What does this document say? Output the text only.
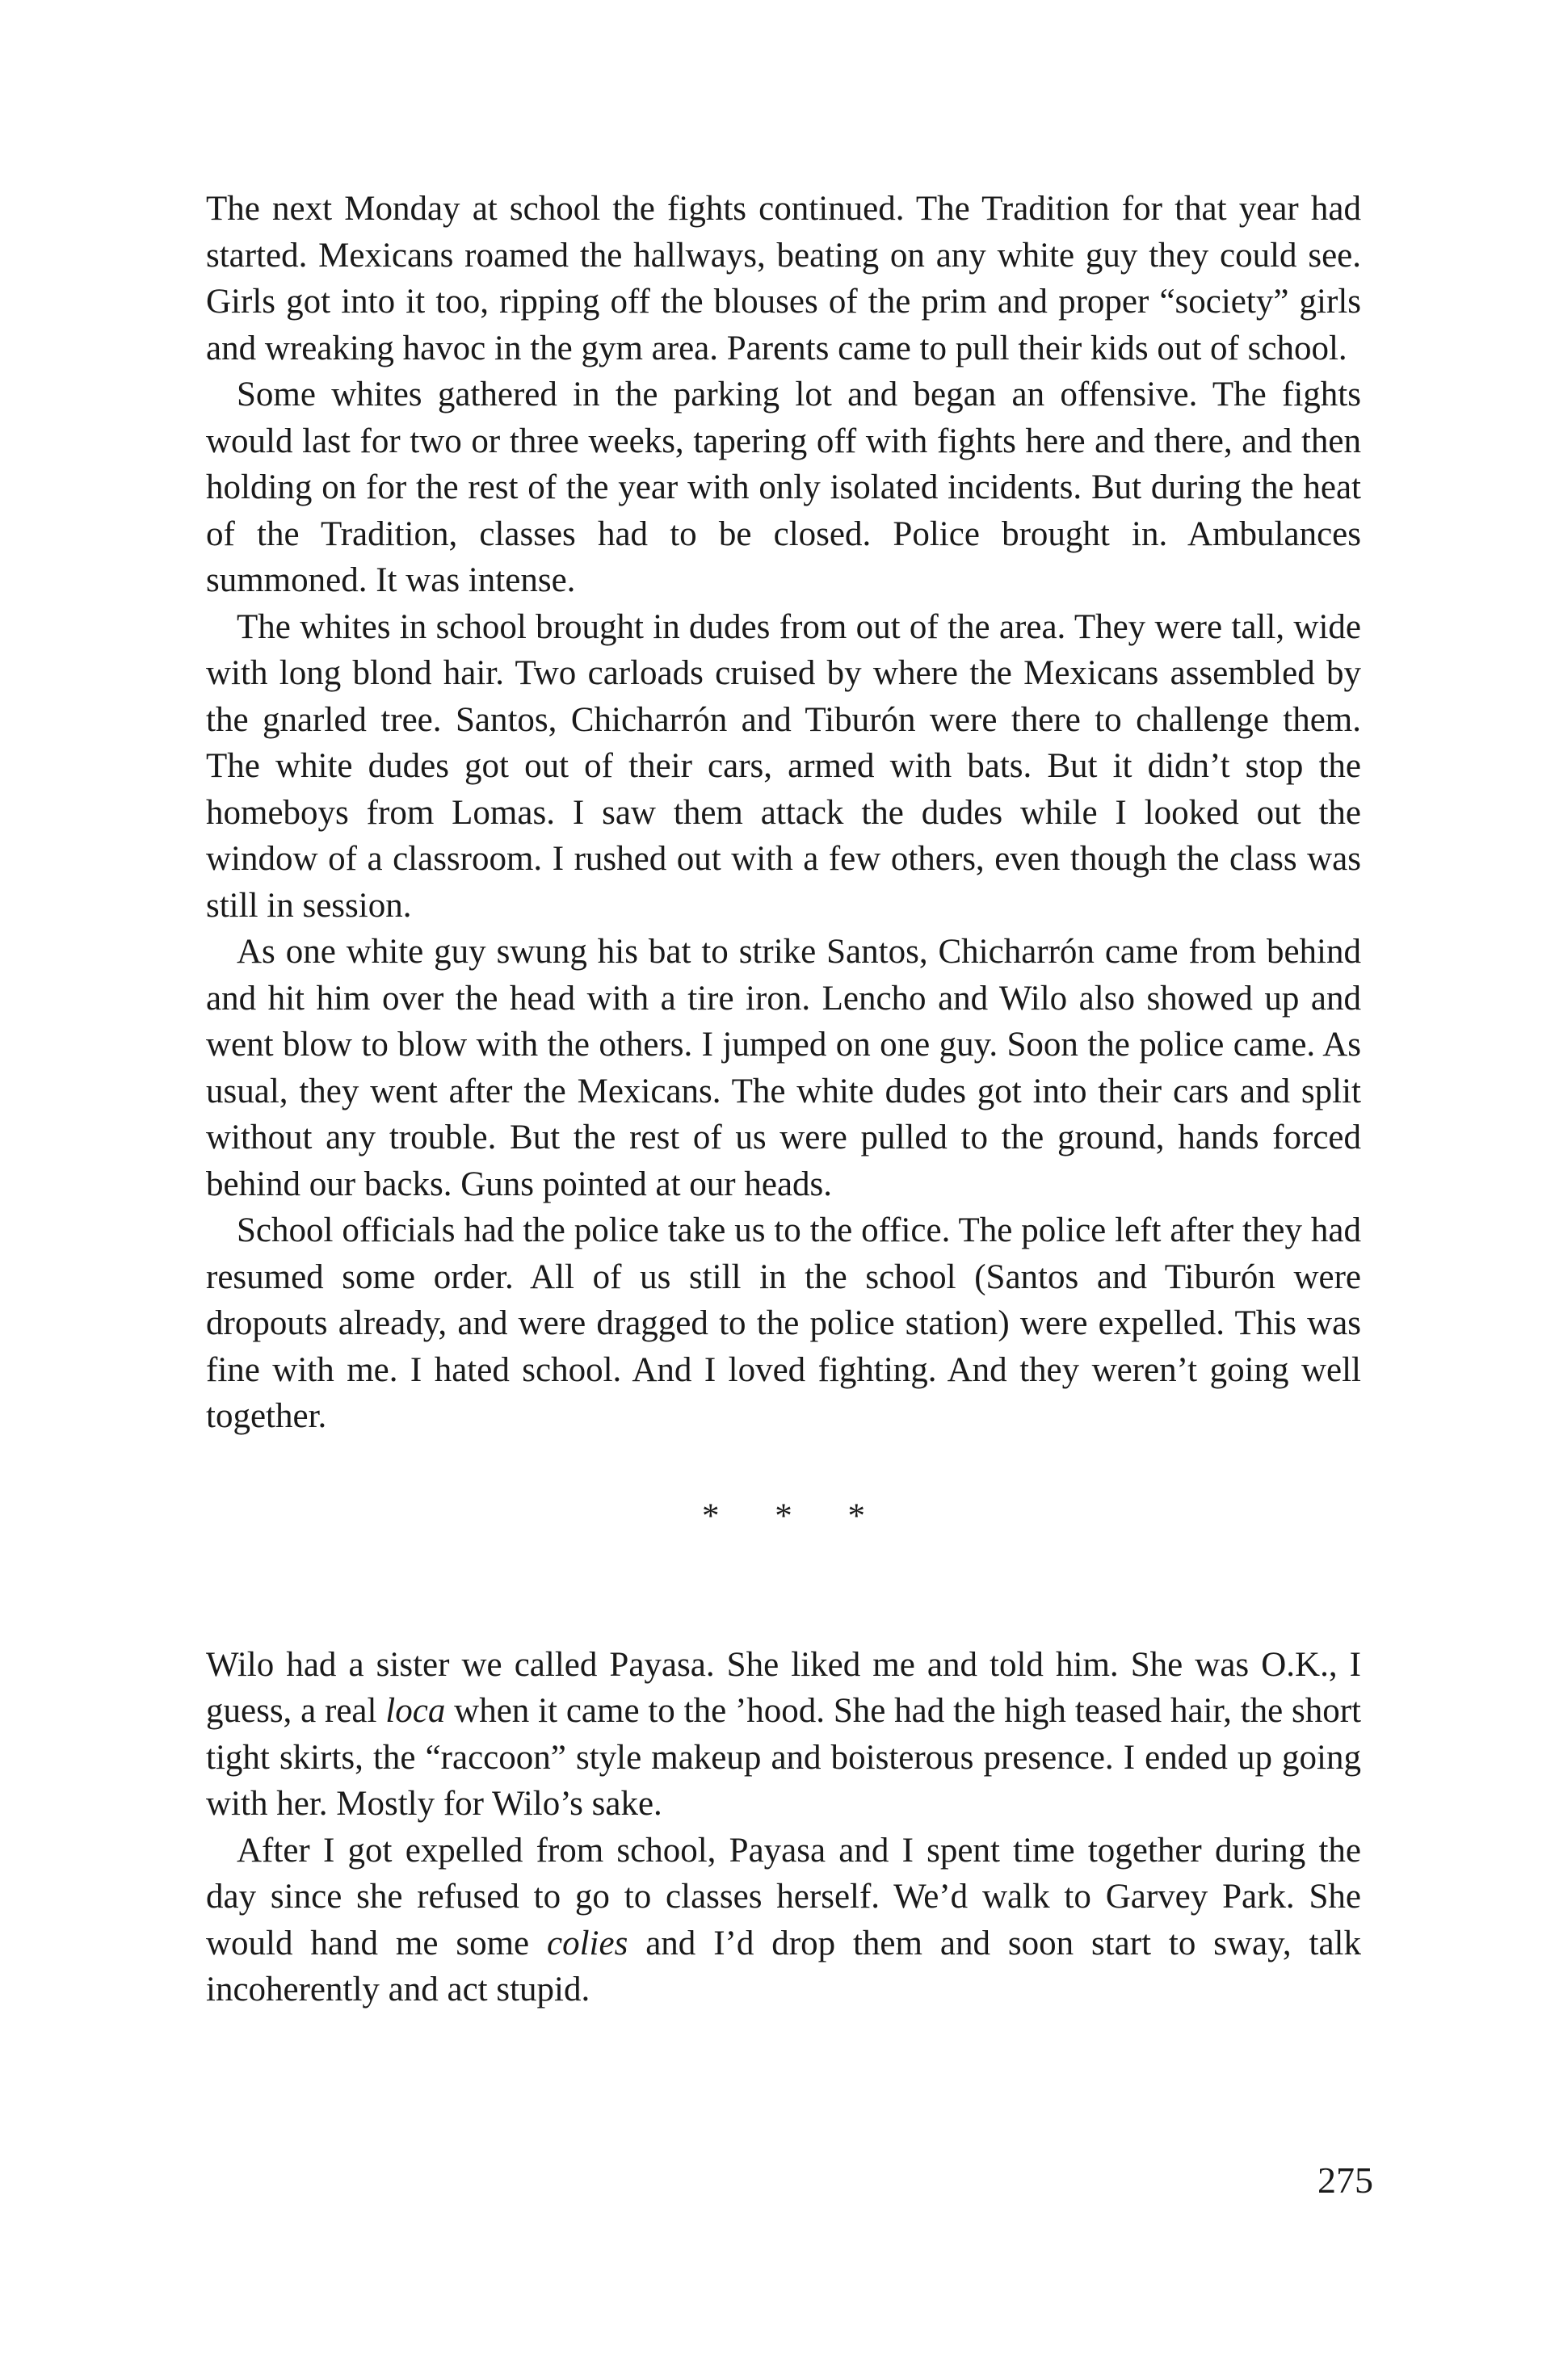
The next Monday at school the fights continued. The Tradition for that year had started. Mexicans roamed the hallways, beating on any white guy they could see. Girls got into it too, ripping off the blouses of the prim and proper “society” girls and wreaking havoc in the gym area. Parents came to pull their kids out of school.

Some whites gathered in the parking lot and began an offensive. The fights would last for two or three weeks, tapering off with fights here and there, and then holding on for the rest of the year with only isolated incidents. But during the heat of the Tradition, classes had to be closed. Police brought in. Ambulances summoned. It was intense.

The whites in school brought in dudes from out of the area. They were tall, wide with long blond hair. Two carloads cruised by where the Mexicans assembled by the gnarled tree. Santos, Chicharrón and Tiburón were there to challenge them. The white dudes got out of their cars, armed with bats. But it didn’t stop the homeboys from Lomas. I saw them attack the dudes while I looked out the window of a classroom. I rushed out with a few others, even though the class was still in session.

As one white guy swung his bat to strike Santos, Chicharrón came from behind and hit him over the head with a tire iron. Lencho and Wilo also showed up and went blow to blow with the others. I jumped on one guy. Soon the police came. As usual, they went after the Mexicans. The white dudes got into their cars and split without any trouble. But the rest of us were pulled to the ground, hands forced behind our backs. Guns pointed at our heads.

School officials had the police take us to the office. The police left after they had resumed some order. All of us still in the school (Santos and Tiburón were dropouts already, and were dragged to the police station) were expelled. This was fine with me. I hated school. And I loved fighting. And they weren’t going well together.

* * *

Wilo had a sister we called Payasa. She liked me and told him. She was O.K., I guess, a real loca when it came to the ’hood. She had the high teased hair, the short tight skirts, the “raccoon” style makeup and boisterous presence. I ended up going with her. Mostly for Wilo’s sake.

After I got expelled from school, Payasa and I spent time together during the day since she refused to go to classes herself. We’d walk to Garvey Park. She would hand me some colies and I’d drop them and soon start to sway, talk incoherently and act stupid.

275
